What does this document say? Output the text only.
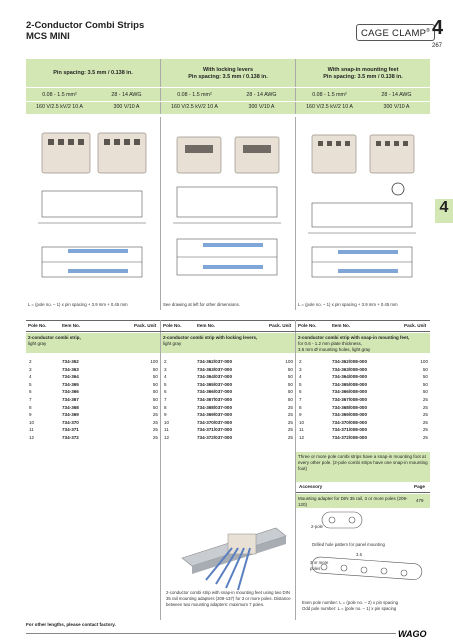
2-Conductor Combi Strips
MCS MINI	CAGE CLAMP® 4
267
4
Pin spacing: 3.5 mm / 0.138 in.	With locking levers
Pin spacing: 3.5 mm / 0.138 in.
With snap-in mounting feet
Pin spacing: 3.5 mm / 0.138 in.
0.08 - 1.5 mm²	28 - 14 AWG
160 V/2.5 kV/2 10 A	300 V/10 A
0.08 - 1.5 mm²	28 - 14 AWG
160 V/2.5 kV/2 10 A	300 V/10 A
0.08 - 1.5 mm²	28 - 14 AWG
160 V/2.5 kV/2 10 A	300 V/10 A
L = (pole no. – 1) x pin spacing + 3.9 mm + 0.45 mm	See drawing at left for other dimensions.	L = (pole no. – 1) x pin spacing + 3.9 mm + 0.45 mm
Pole No.	Item No.	Pack. Unit Pole No.	Item No.	Pack. Unit Pole No.	Item No.	Pack. Unit
2-conductor combi strip,
light gray
2-conductor combi strip with locking levers,
light gray
2-conductor combi strip with snap-in mounting feet,
for 0.6 - 1.2 mm plate thickness,
3.5 mm Ø mounting holes, light gray
2	734-362	100
3	734-363	50
4	734-364	50
5	734-365	50
6	734-366	50
7	734-367	50
8	734-368	50
9	734-369	25
10	734-370	25
11	734-371	25
12	734-372	25
2	734-362/037-000	100
3	734-363/037-000	50
4	734-364/037-000	50
5	734-365/037-000	50
6	734-366/037-000	50
7	734-367/037-000	50
8	734-368/037-000	25
9	734-369/037-000	25
10	734-370/037-000	25
11	734-371/037-000	25
12	734-372/037-000	25
2	734-362/008-000	100
3	734-363/008-000	50
4	734-364/008-000	50
5	734-365/008-000	50
6	734-366/008-000	50
7	734-367/008-000	25
8	734-368/008-000	25
9	734-369/008-000	25
10	734-370/008-000	25
11	734-371/008-000	25
12	734-372/008-000	25
Three or more pole combi strips have a snap-in mounting foot at every other pole. (2-pole combi strips have one snap-in mounting foot)
Accessory	Page
Mounting adapter for DIN 35 rail, 3 or more poles (209-120)
479
2-pole
Drilled hole pattern for panel mounting
3.5
3 or more poles
2-conductor combi strip with snap-in mounting feet using two DIN 35 rail mounting adapters (209-137) for 3 or more poles. Distance between two mounting adapters: maximum 7 poles.	Even pole number: L = (pole no. – 2) x pin spacing
Odd pole number: L = (pole no. – 1) x pin spacing
For other lengths, please contact factory.
WAGO
